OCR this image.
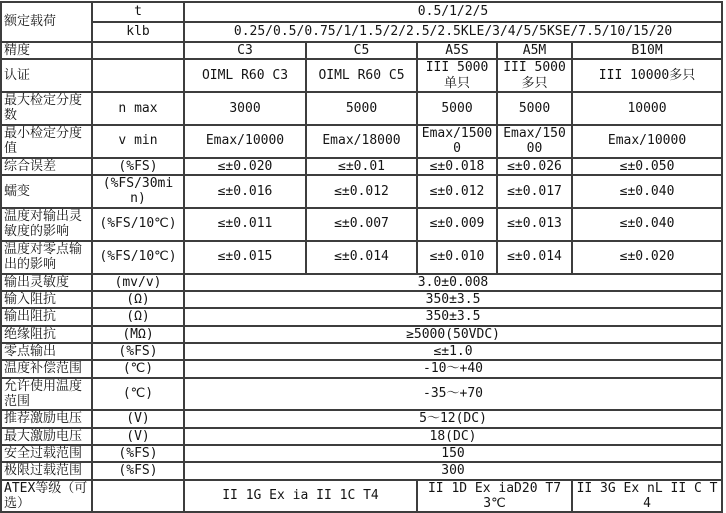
额定载荷	t	0.5/1/2/5				
	klb	0.25/0.5/0.75/1/1.5/2/2.5/2.5KLE/3/4/5/5KSE/7.5/10/15/20				
精度		C3	C5	A5S	A5M	B10M
认证		OIML R60 C3	OIML R60 C5	III 5000单只	III 5000多只	III 10000多只
最大检定分度数	n max	3000	5000	5000	5000	10000
最小检定分度值	v min	Emax/10000	Emax/18000	Emax/15000	Emax/15000	Emax/10000
综合误差	(%FS)	≤±0.020	≤±0.01	≤±0.018	≤±0.026	≤±0.050
蠕变	(%FS/30min)	≤±0.016	≤±0.012	≤±0.012	≤±0.017	≤±0.040
温度对输出灵敏度的影响	(%FS/10℃)	≤±0.011	≤±0.007	≤±0.009	≤±0.013	≤±0.040
温度对零点输出的影响	(%FS/10℃)	≤±0.015	≤±0.014	≤±0.010	≤±0.014	≤±0.020
输出灵敏度	(mv/v)	3.0±0.008				
输入阻抗	(Ω)	350±3.5				
输出阻抗	(Ω)	350±3.5				
绝缘阻抗	(MΩ)	≥5000(50VDC)				
零点输出	(%FS)	≤±1.0				
温度补偿范围	(℃)	-10～+40				
允许使用温度范围	(℃)	-35～+70				
推荐激励电压	(V)	5～12(DC)				
最大激励电压	(V)	18(DC)				
安全过载范围	(%FS)	150				
极限过载范围	(%FS)	300				
ATEX等级（可选）		II 1G Ex ia II 1C T4		II 1D Ex iaD20 T73℃		II 3G Ex nL II C T4
